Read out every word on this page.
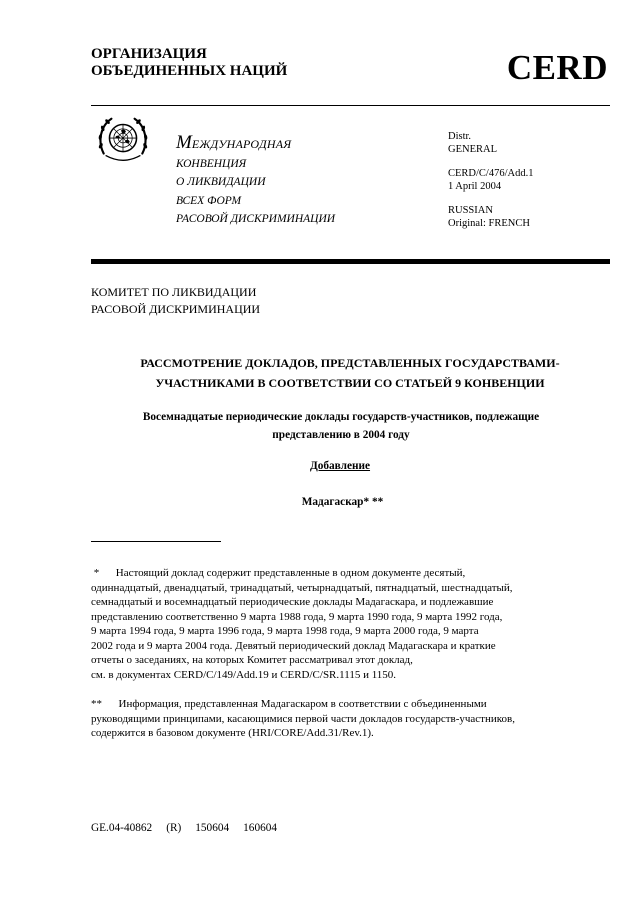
ОРГАНИЗАЦИЯ
ОБЪЕДИНЕННЫХ НАЦИЙ	CERD
МЕЖДУНАРОДНАЯ
КОНВЕНЦИЯ
О ЛИКВИДАЦИИ
ВСЕХ ФОРМ
РАСОВОЙ ДИСКРИМИНАЦИИ
Distr.
GENERAL
CERD/C/476/Add.1
1 April 2004
RUSSIAN
Original: FRENCH
КОМИТЕТ ПО ЛИКВИДАЦИИ
РАСОВОЙ ДИСКРИМИНАЦИИ
РАССМОТРЕНИЕ ДОКЛАДОВ, ПРЕДСТАВЛЕННЫХ ГОСУДАРСТВАМИ-
УЧАСТНИКАМИ В СООТВЕТСТВИИ СО СТАТЬЕЙ 9 КОНВЕНЦИИ
Восемнадцатые периодические доклады государств-участников, подлежащие
представлению в 2004 году
Добавление
Мадагаскар* **
* Настоящий доклад содержит представленные в одном документе десятый,
одиннадцатый, двенадцатый, тринадцатый, четырнадцатый, пятнадцатый, шестнадцатый,
семнадцатый и восемнадцатый периодические доклады Мадагаскара, и подлежавшие
представлению соответственно 9 марта 1988 года, 9 марта 1990 года, 9 марта 1992 года,
9 марта 1994 года, 9 марта 1996 года, 9 марта 1998 года, 9 марта 2000 года, 9 марта
2002 года и 9 марта 2004 года. Девятый периодический доклад Мадагаскара и краткие
отчеты о заседаниях, на которых Комитет рассматривал этот доклад,
см. в документах CERD/C/149/Add.19 и CERD/C/SR.1115 и 1150.
** Информация, представленная Мадагаскаром в соответствии с объединенными
руководящими принципами, касающимися первой части докладов государств-участников,
содержится в базовом документе (HRI/CORE/Add.31/Rev.1).
GE.04-40862 (R) 150604 160604
